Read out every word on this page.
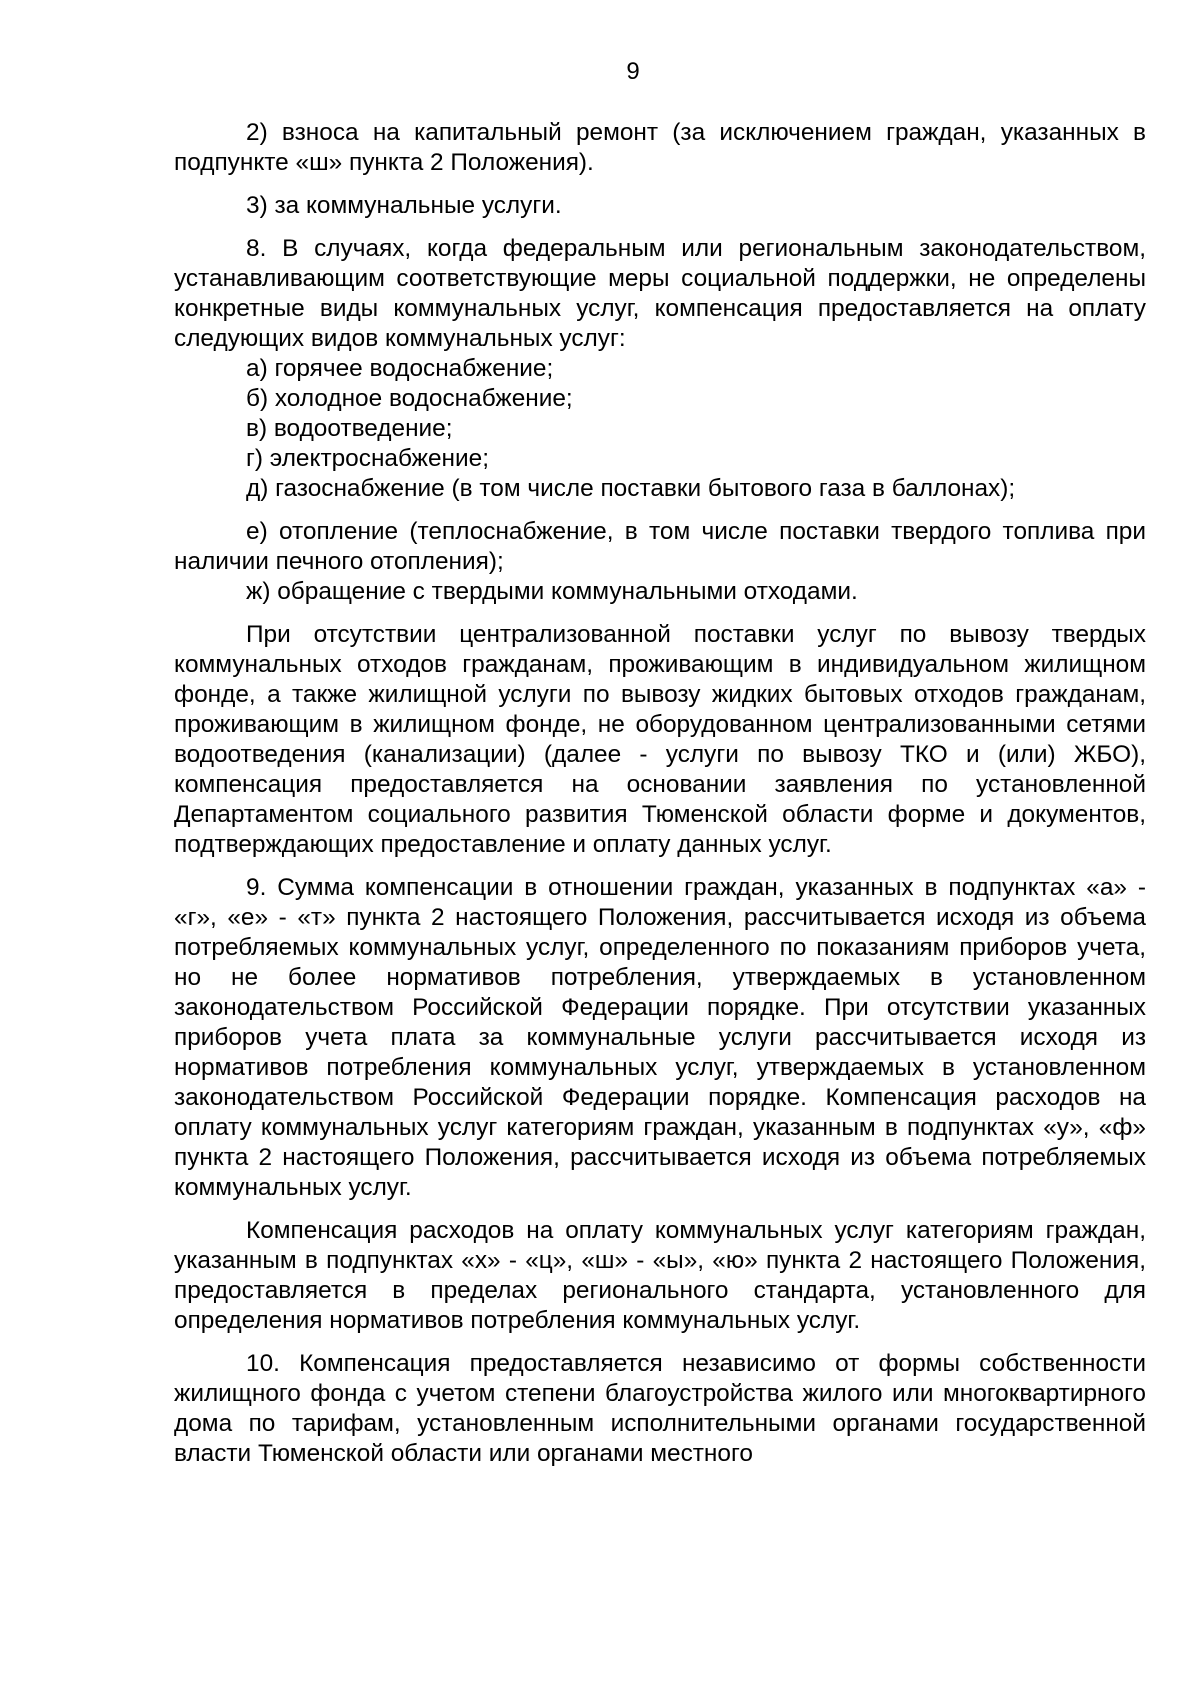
9

2) взноса на капитальный ремонт (за исключением граждан, указанных в подпункте «ш» пункта 2 Положения).

3) за коммунальные услуги.

8. В случаях, когда федеральным или региональным законодательством, устанавливающим соответствующие меры социальной поддержки, не определены конкретные виды коммунальных услуг, компенсация предоставляется на оплату следующих видов коммунальных услуг:

а) горячее водоснабжение;

б) холодное водоснабжение;

в) водоотведение;

г) электроснабжение;

д) газоснабжение (в том числе поставки бытового газа в баллонах);

е) отопление (теплоснабжение, в том числе поставки твердого топлива при наличии печного отопления);

ж) обращение с твердыми коммунальными отходами.

При отсутствии централизованной поставки услуг по вывозу твердых коммунальных отходов гражданам, проживающим в индивидуальном жилищном фонде, а также жилищной услуги по вывозу жидких бытовых отходов гражданам, проживающим в жилищном фонде, не оборудованном централизованными сетями водоотведения (канализации) (далее - услуги по вывозу ТКО и (или) ЖБО), компенсация предоставляется на основании заявления по установленной Департаментом социального развития Тюменской области форме и документов, подтверждающих предоставление и оплату данных услуг.

9. Сумма компенсации в отношении граждан, указанных в подпунктах «а» - «г», «е» - «т» пункта 2 настоящего Положения, рассчитывается исходя из объема потребляемых коммунальных услуг, определенного по показаниям приборов учета, но не более нормативов потребления, утверждаемых в установленном законодательством Российской Федерации порядке. При отсутствии указанных приборов учета плата за коммунальные услуги рассчитывается исходя из нормативов потребления коммунальных услуг, утверждаемых в установленном законодательством Российской Федерации порядке. Компенсация расходов на оплату коммунальных услуг категориям граждан, указанным в подпунктах «у», «ф» пункта 2 настоящего Положения, рассчитывается исходя из объема потребляемых коммунальных услуг.

Компенсация расходов на оплату коммунальных услуг категориям граждан, указанным в подпунктах «х» - «ц», «ш» - «ы», «ю» пункта 2 настоящего Положения, предоставляется в пределах регионального стандарта, установленного для определения нормативов потребления коммунальных услуг.

10. Компенсация предоставляется независимо от формы собственности жилищного фонда с учетом степени благоустройства жилого или многоквартирного дома по тарифам, установленным исполнительными органами государственной власти Тюменской области или органами местного
